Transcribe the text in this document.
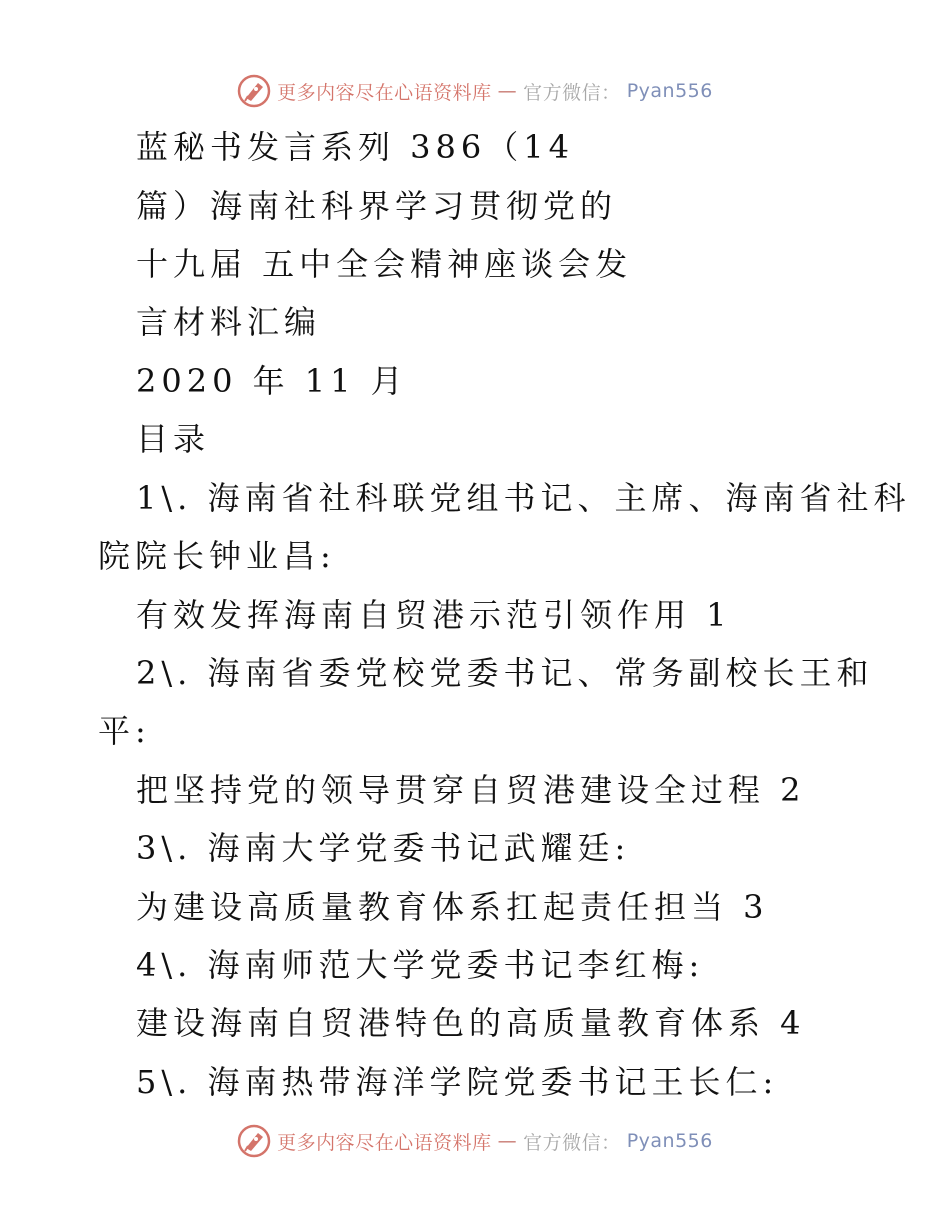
更多内容尽在心语资料库 — 官方微信： Pyan556
蓝秘书发言系列 386（14
篇）海南社科界学习贯彻党的
十九届 五中全会精神座谈会发
言材料汇编
2020 年 11 月
目录
1\. 海南省社科联党组书记、主席、海南省社科
院院长钟业昌:
有效发挥海南自贸港示范引领作用 1
2\. 海南省委党校党委书记、常务副校长王和
平:
把坚持党的领导贯穿自贸港建设全过程 2
3\. 海南大学党委书记武耀廷:
为建设高质量教育体系扛起责任担当 3
4\. 海南师范大学党委书记李红梅:
建设海南自贸港特色的高质量教育体系 4
5\. 海南热带海洋学院党委书记王长仁:
更多内容尽在心语资料库 — 官方微信： Pyan556
